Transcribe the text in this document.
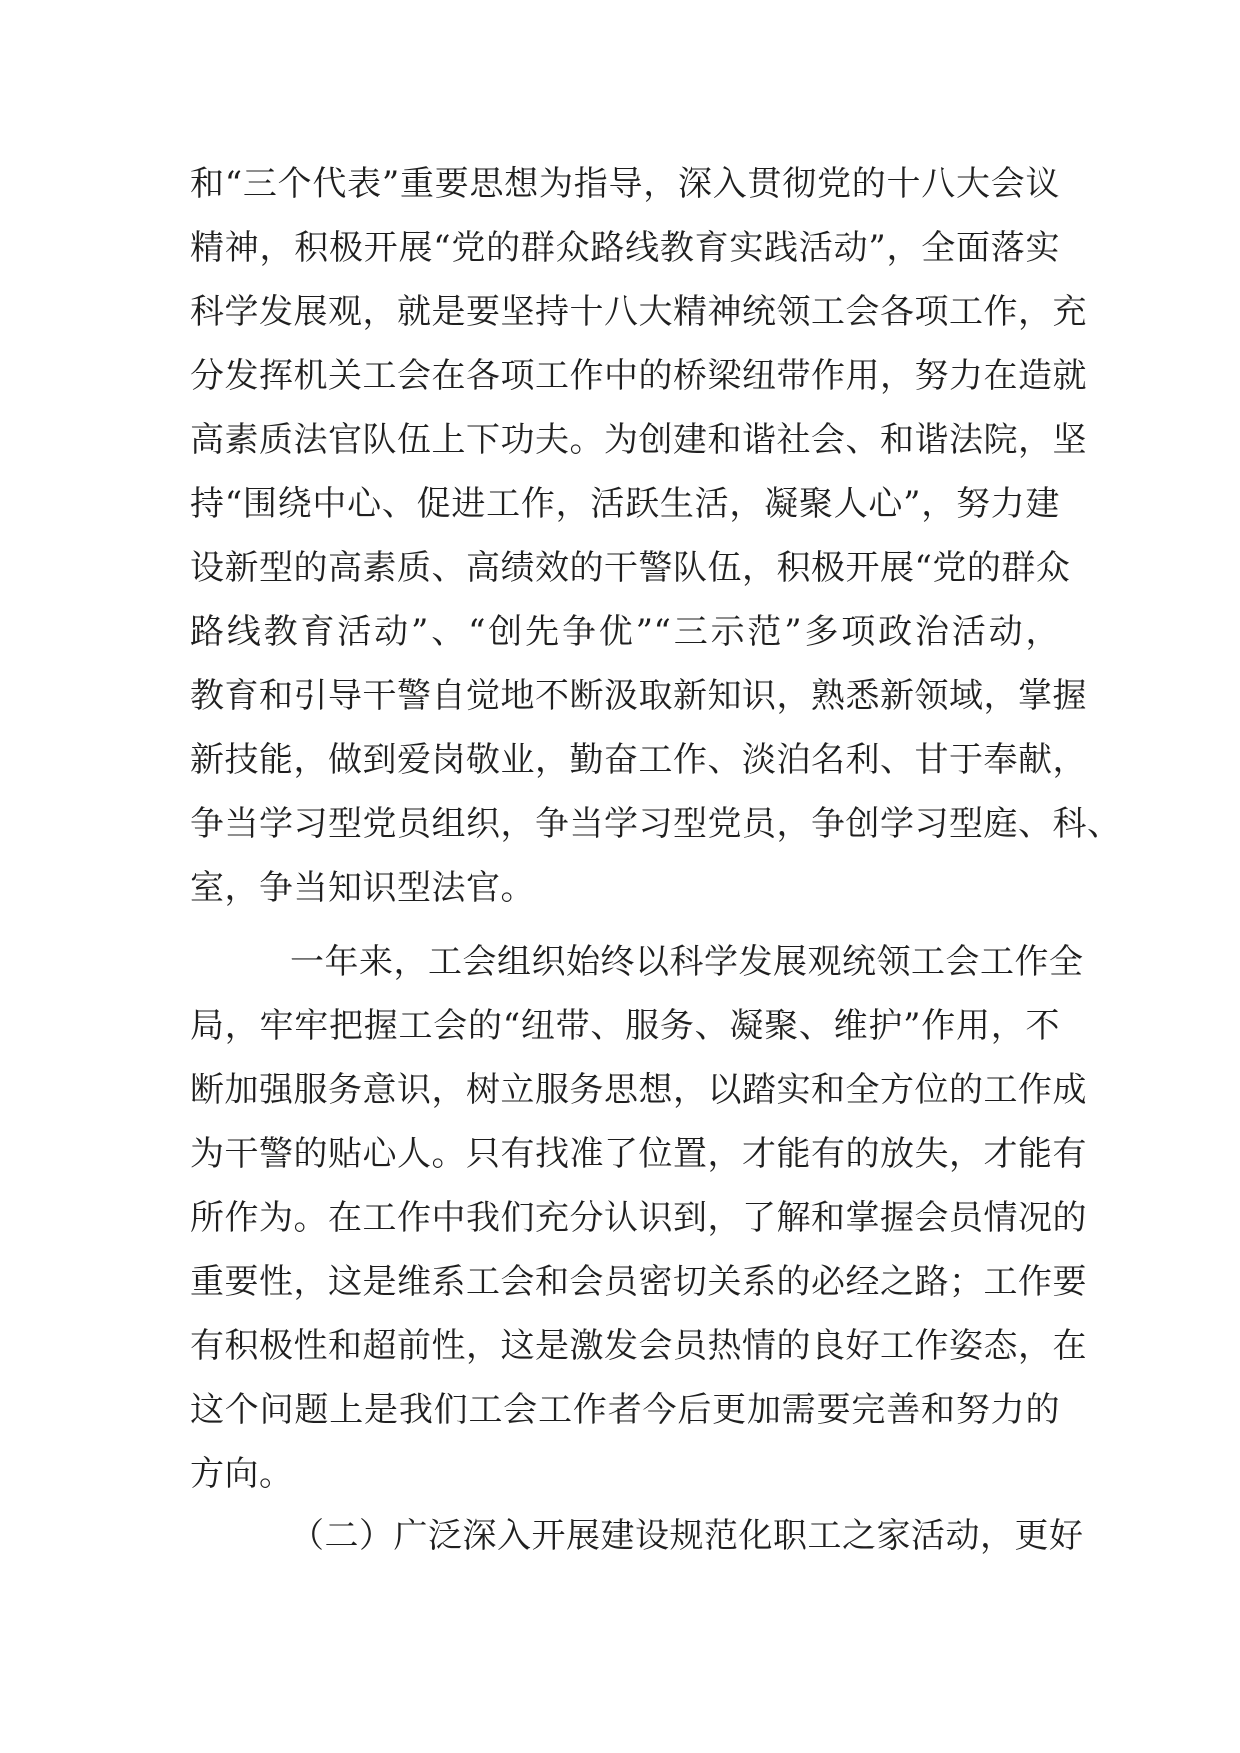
和“三个代表”重要思想为指导，深入贯彻党的十八大会议
精神，积极开展“党的群众路线教育实践活动”，全面落实
科学发展观，就是要坚持十八大精神统领工会各项工作，充
分发挥机关工会在各项工作中的桥梁纽带作用，努力在造就
高素质法官队伍上下功夫。为创建和谐社会、和谐法院，坚
持“围绕中心、促进工作，活跃生活，凝聚人心”，努力建
设新型的高素质、高绩效的干警队伍，积极开展“党的群众
路线教育活动”、“创先争优”“三示范”多项政治活动，
教育和引导干警自觉地不断汲取新知识，熟悉新领域，掌握
新技能，做到爱岗敬业，勤奋工作、淡泊名利、甘于奉献，
争当学习型党员组织，争当学习型党员，争创学习型庭、科、
室，争当知识型法官。
一年来，工会组织始终以科学发展观统领工会工作全
局，牢牢把握工会的“纽带、服务、凝聚、维护”作用，不
断加强服务意识，树立服务思想，以踏实和全方位的工作成
为干警的贴心人。只有找准了位置，才能有的放失，才能有
所作为。在工作中我们充分认识到，了解和掌握会员情况的
重要性，这是维系工会和会员密切关系的必经之路；工作要
有积极性和超前性，这是激发会员热情的良好工作姿态，在
这个问题上是我们工会工作者今后更加需要完善和努力的
方向。
（二）广泛深入开展建设规范化职工之家活动，更好
